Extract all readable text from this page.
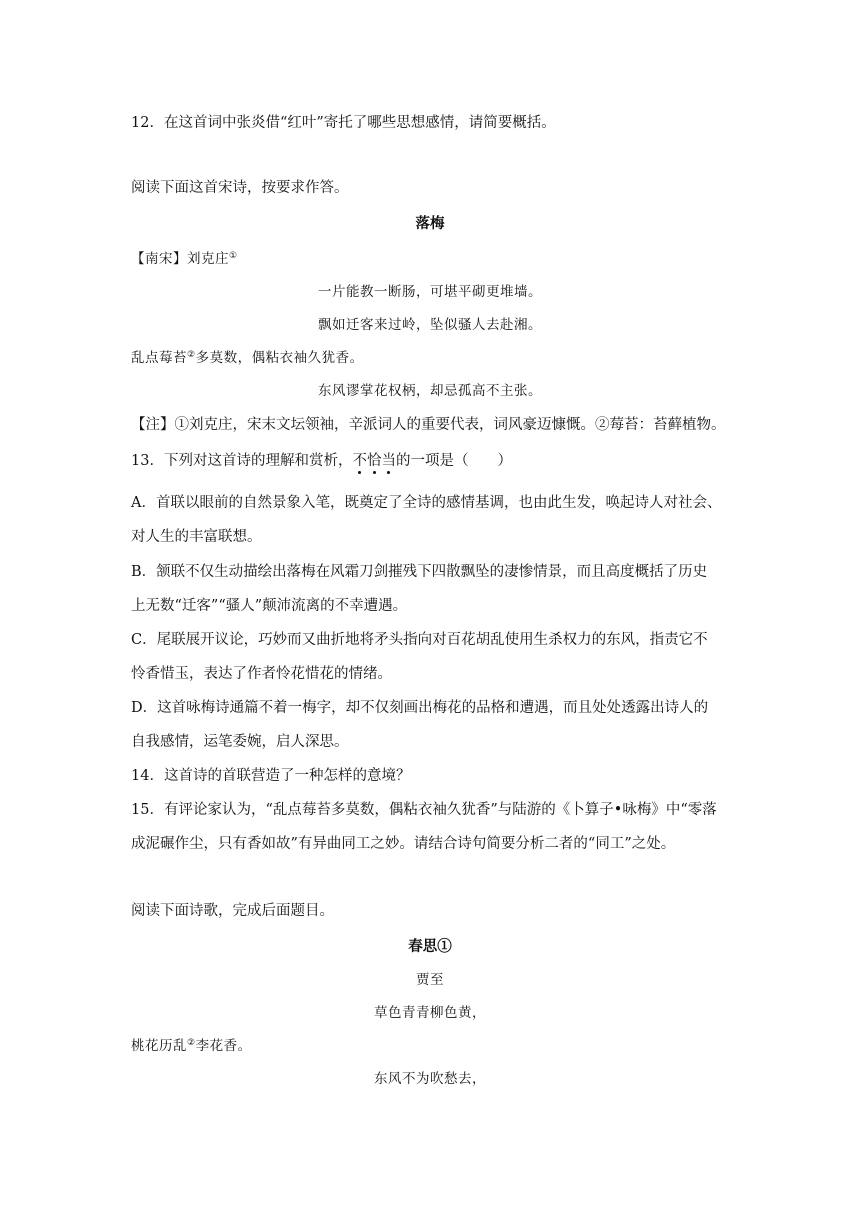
12．在这首词中张炎借“红叶”寄托了哪些思想感情，请简要概括。
阅读下面这首宋诗，按要求作答。
落梅
【南宋】刘克庄①
一片能教一断肠，可堪平砌更堆墙。
飘如迁客来过岭，坠似骚人去赴湘。
乱点莓苔②多莫数，偶粘衣袖久犹香。
东风谬掌花权柄，却忌孤高不主张。
【注】①刘克庄，宋末文坛领袖，辛派词人的重要代表，词风豪迈慷慨。②莓苔：苔藓植物。
13．下列对这首诗的理解和赏析，不恰当的一项是（　　）
A．首联以眼前的自然景象入笔，既奠定了全诗的感情基调，也由此生发，唤起诗人对社会、
对人生的丰富联想。
B．颔联不仅生动描绘出落梅在风霜刀剑摧残下四散飘坠的凄惨情景，而且高度概括了历史
上无数“迁客”“骚人”颠沛流离的不幸遭遇。
C．尾联展开议论，巧妙而又曲折地将矛头指向对百花胡乱使用生杀权力的东风，指责它不
怜香惜玉，表达了作者怜花惜花的情绪。
D．这首咏梅诗通篇不着一梅字，却不仅刻画出梅花的品格和遭遇，而且处处透露出诗人的
自我感情，运笔委婉，启人深思。
14．这首诗的首联营造了一种怎样的意境？
15．有评论家认为，“乱点莓苔多莫数，偶粘衣袖久犹香”与陆游的《卜算子•咏梅》中“零落
成泥碾作尘，只有香如故”有异曲同工之妙。请结合诗句简要分析二者的“同工”之处。
阅读下面诗歌，完成后面题目。
春思①
贾至
草色青青柳色黄，
桃花历乱②李花香。
东风不为吹愁去，
